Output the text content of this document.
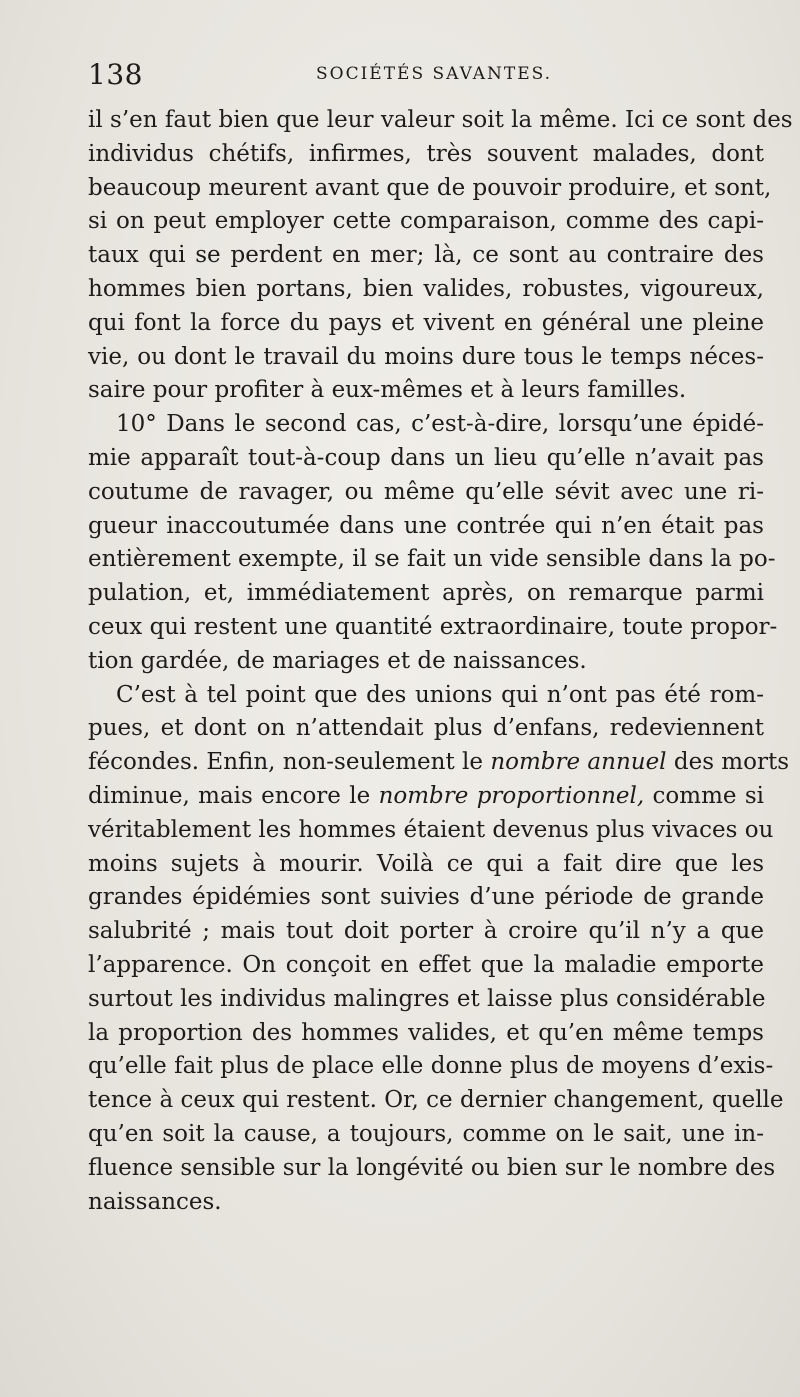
138	SOCIÉTÉS SAVANTES.
il s’en faut bien que leur valeur soit la même. Ici ce sont des
individus chétifs, infirmes, très souvent malades, dont
beaucoup meurent avant que de pouvoir produire, et sont,
si on peut employer cette comparaison, comme des capi-
taux qui se perdent en mer; là, ce sont au contraire des
hommes bien portans, bien valides, robustes, vigoureux,
qui font la force du pays et vivent en général une pleine
vie, ou dont le travail du moins dure tous le temps néces-
saire pour profiter à eux-mêmes et à leurs familles.
10° Dans le second cas, c’est-à-dire, lorsqu’une épidé-
mie apparaît tout-à-coup dans un lieu qu’elle n’avait pas
coutume de ravager, ou même qu’elle sévit avec une ri-
gueur inaccoutumée dans une contrée qui n’en était pas
entièrement exempte, il se fait un vide sensible dans la po-
pulation, et, immédiatement après, on remarque parmi
ceux qui restent une quantité extraordinaire, toute propor-
tion gardée, de mariages et de naissances.
C’est à tel point que des unions qui n’ont pas été rom-
pues, et dont on n’attendait plus d’enfans, redeviennent
fécondes. Enfin, non-seulement le nombre annuel des morts
diminue, mais encore le nombre proportionnel, comme si
véritablement les hommes étaient devenus plus vivaces ou
moins sujets à mourir. Voilà ce qui a fait dire que les
grandes épidémies sont suivies d’une période de grande
salubrité ; mais tout doit porter à croire qu’il n’y a que
l’apparence. On conçoit en effet que la maladie emporte
surtout les individus malingres et laisse plus considérable
la proportion des hommes valides, et qu’en même temps
qu’elle fait plus de place elle donne plus de moyens d’exis-
tence à ceux qui restent. Or, ce dernier changement, quelle
qu’en soit la cause, a toujours, comme on le sait, une in-
fluence sensible sur la longévité ou bien sur le nombre des
naissances.
